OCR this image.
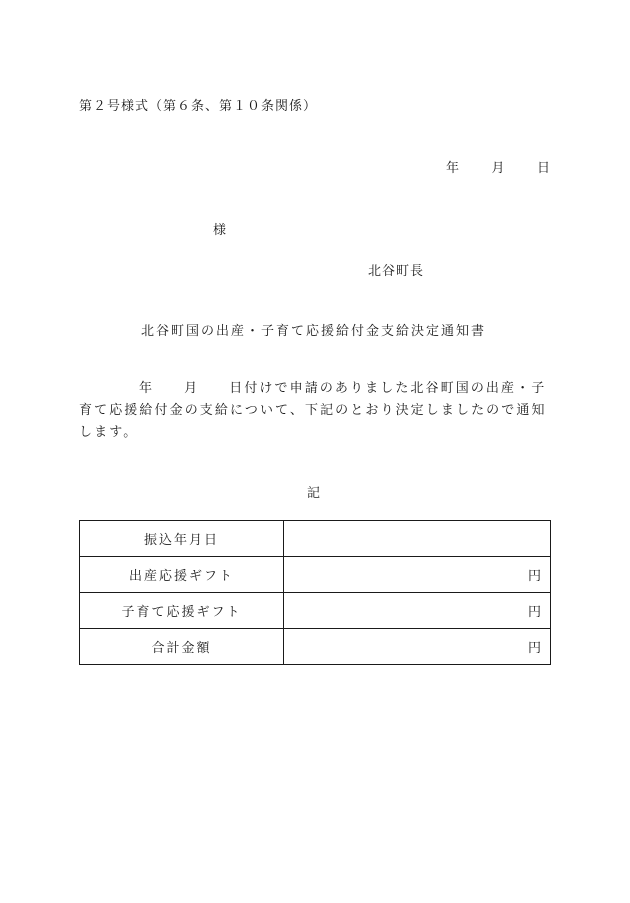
第２号様式（第６条、第１０条関係）
年 月 日
様
北谷町長
北谷町国の出産・子育て応援給付金支給決定通知書
年 月 日付けで申請のありました北谷町国の出産・子育て応援給付金の支給について、下記のとおり決定しましたので通知します。
記
振込年月日	
出産応援ギフト	円
子育て応援ギフト	円
合計金額	円
